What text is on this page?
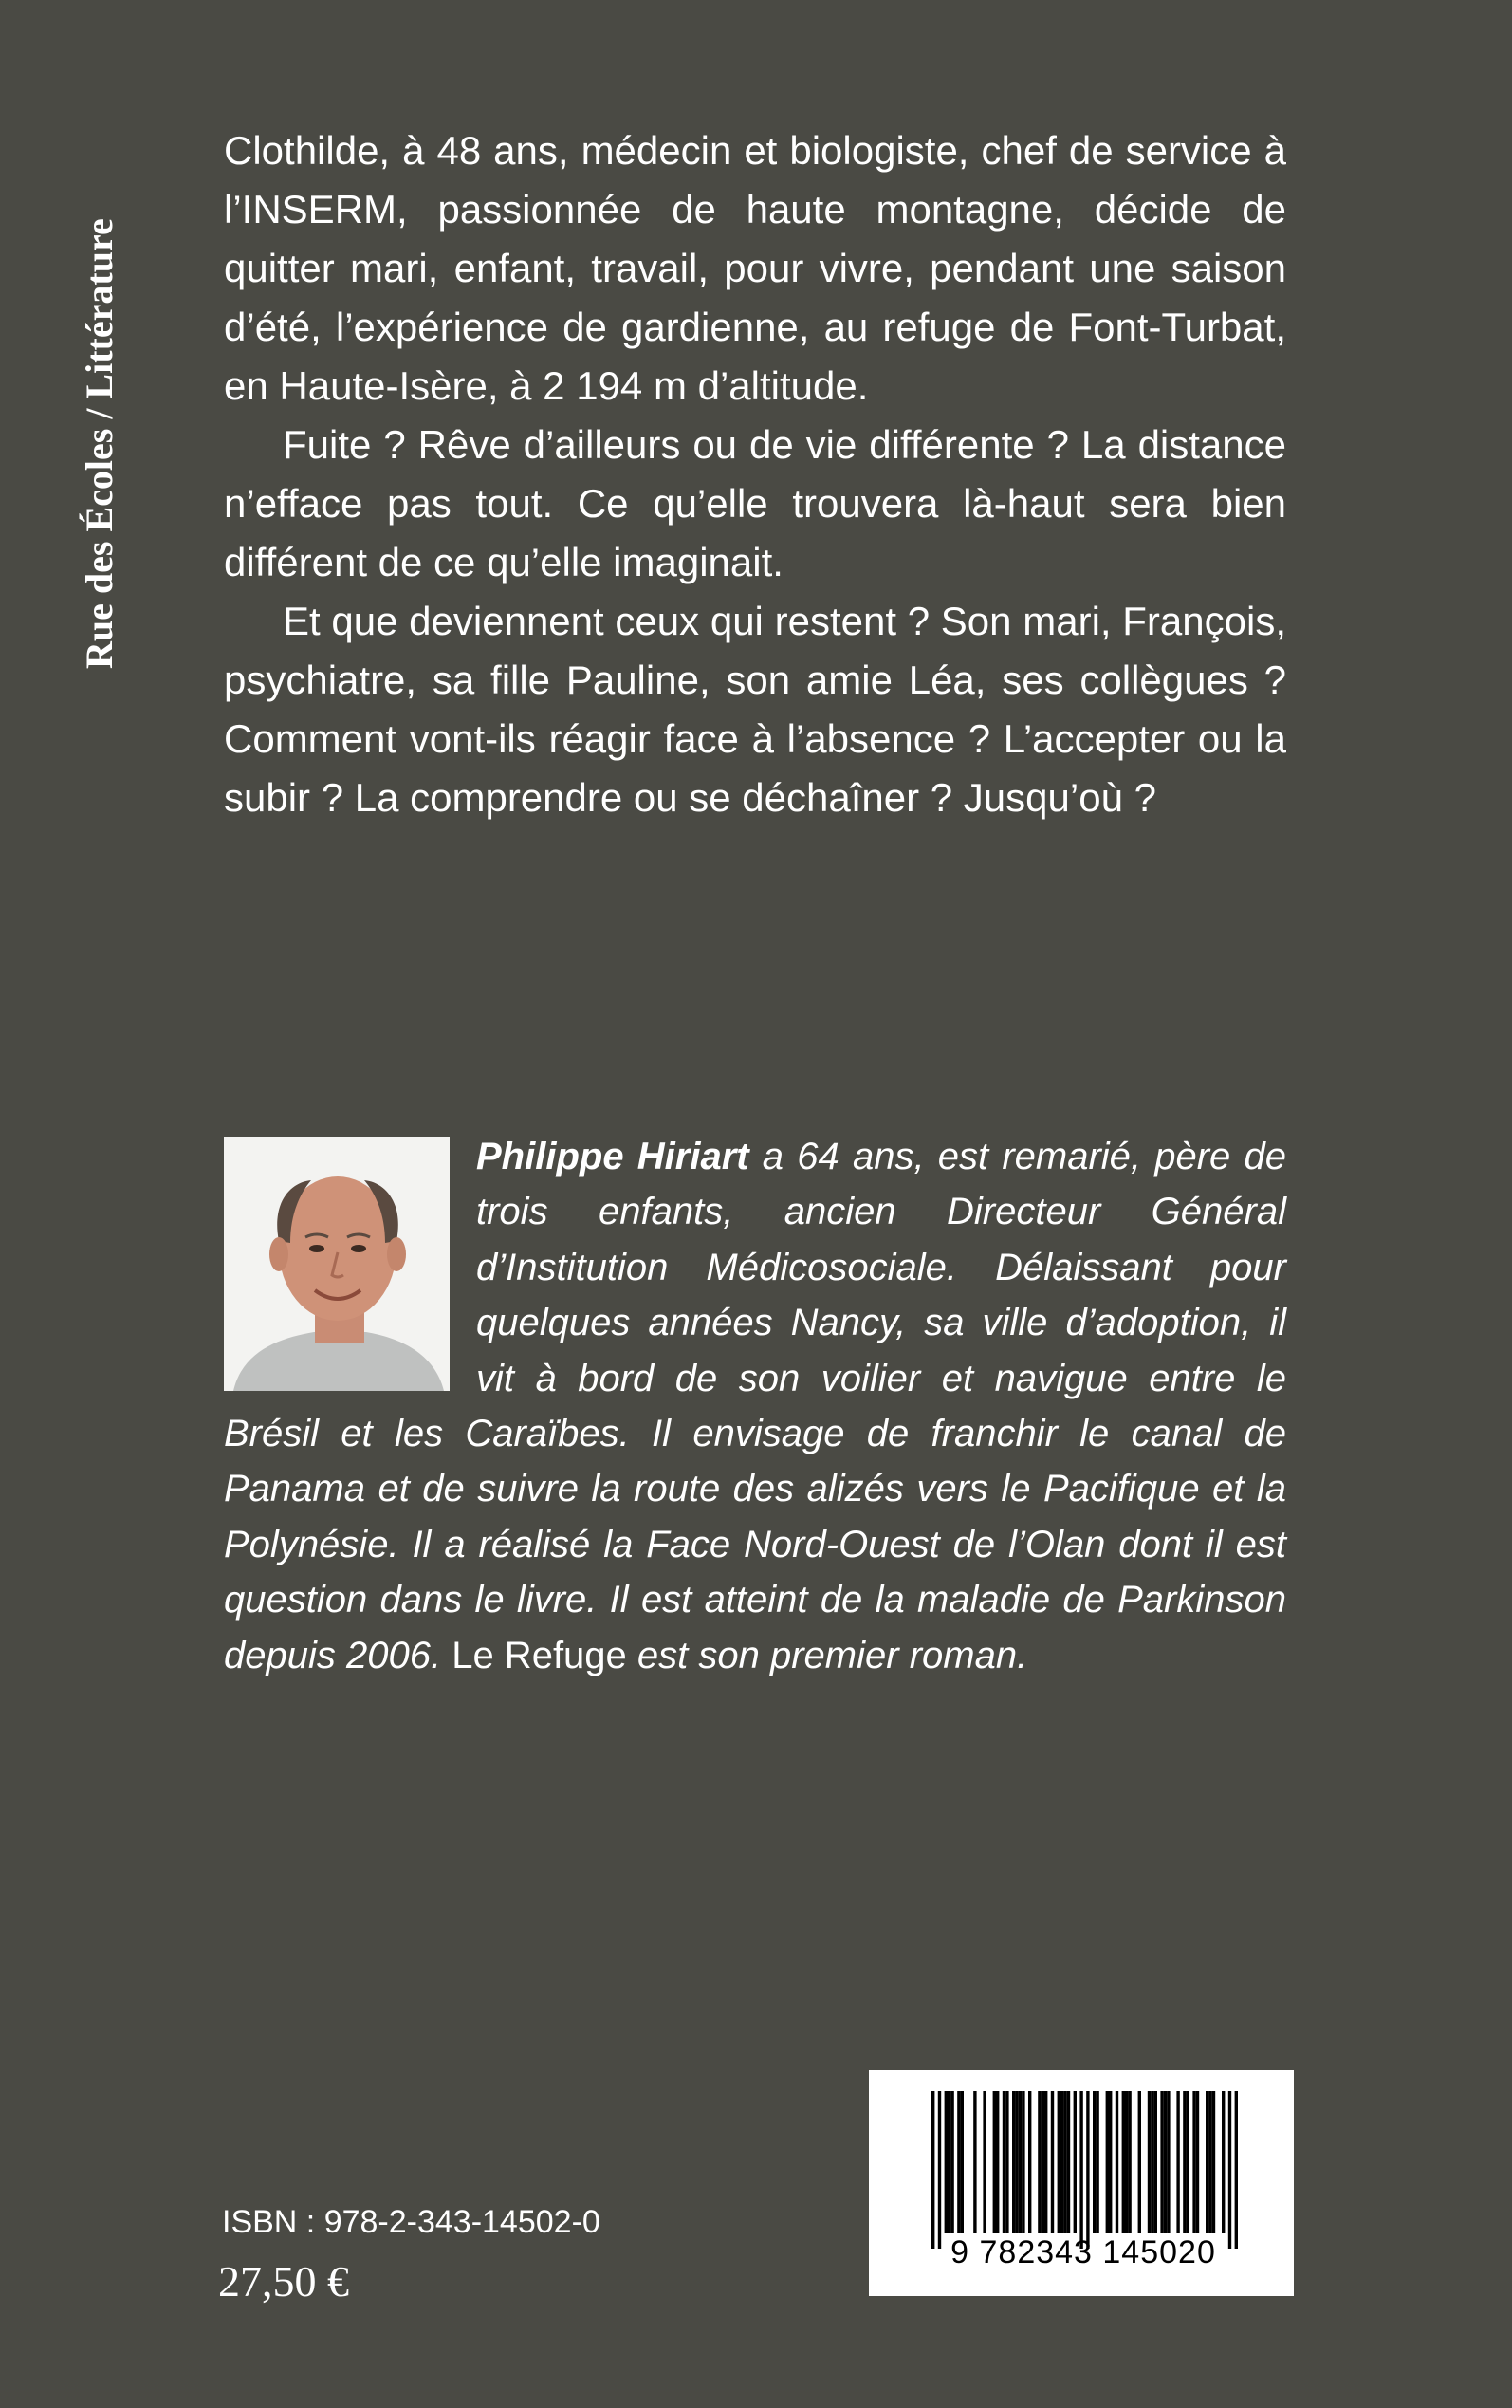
Rue des Écoles / Littérature

Clothilde, à 48 ans, médecin et biologiste, chef de service à l’INSERM, passionnée de haute montagne, décide de quitter mari, enfant, travail, pour vivre, pendant une saison d’été, l’expérience de gardienne, au refuge de Font-Turbat, en Haute-Isère, à 2 194 m d’altitude.

Fuite ? Rêve d’ailleurs ou de vie différente ? La distance n’efface pas tout. Ce qu’elle trouvera là-haut sera bien différent de ce qu’elle imaginait.

Et que deviennent ceux qui restent ? Son mari, François, psychiatre, sa fille Pauline, son amie Léa, ses collègues ? Comment vont-ils réagir face à l’absence ? L’accepter ou la subir ? La comprendre ou se déchaîner ? Jusqu’où ?

Philippe Hiriart a 64 ans, est remarié, père de trois enfants, ancien Directeur Général d’Institution Médicosociale. Délaissant pour quelques années Nancy, sa ville d’adoption, il vit à bord de son voilier et navigue entre le Brésil et les Caraïbes. Il envisage de franchir le canal de Panama et de suivre la route des alizés vers le Pacifique et la Polynésie. Il a réalisé la Face Nord-Ouest de l’Olan dont il est question dans le livre. Il est atteint de la maladie de Parkinson depuis 2006. Le Refuge est son premier roman.
ISBN : 978-2-343-14502-0
27,50 €
9 782343 145020
